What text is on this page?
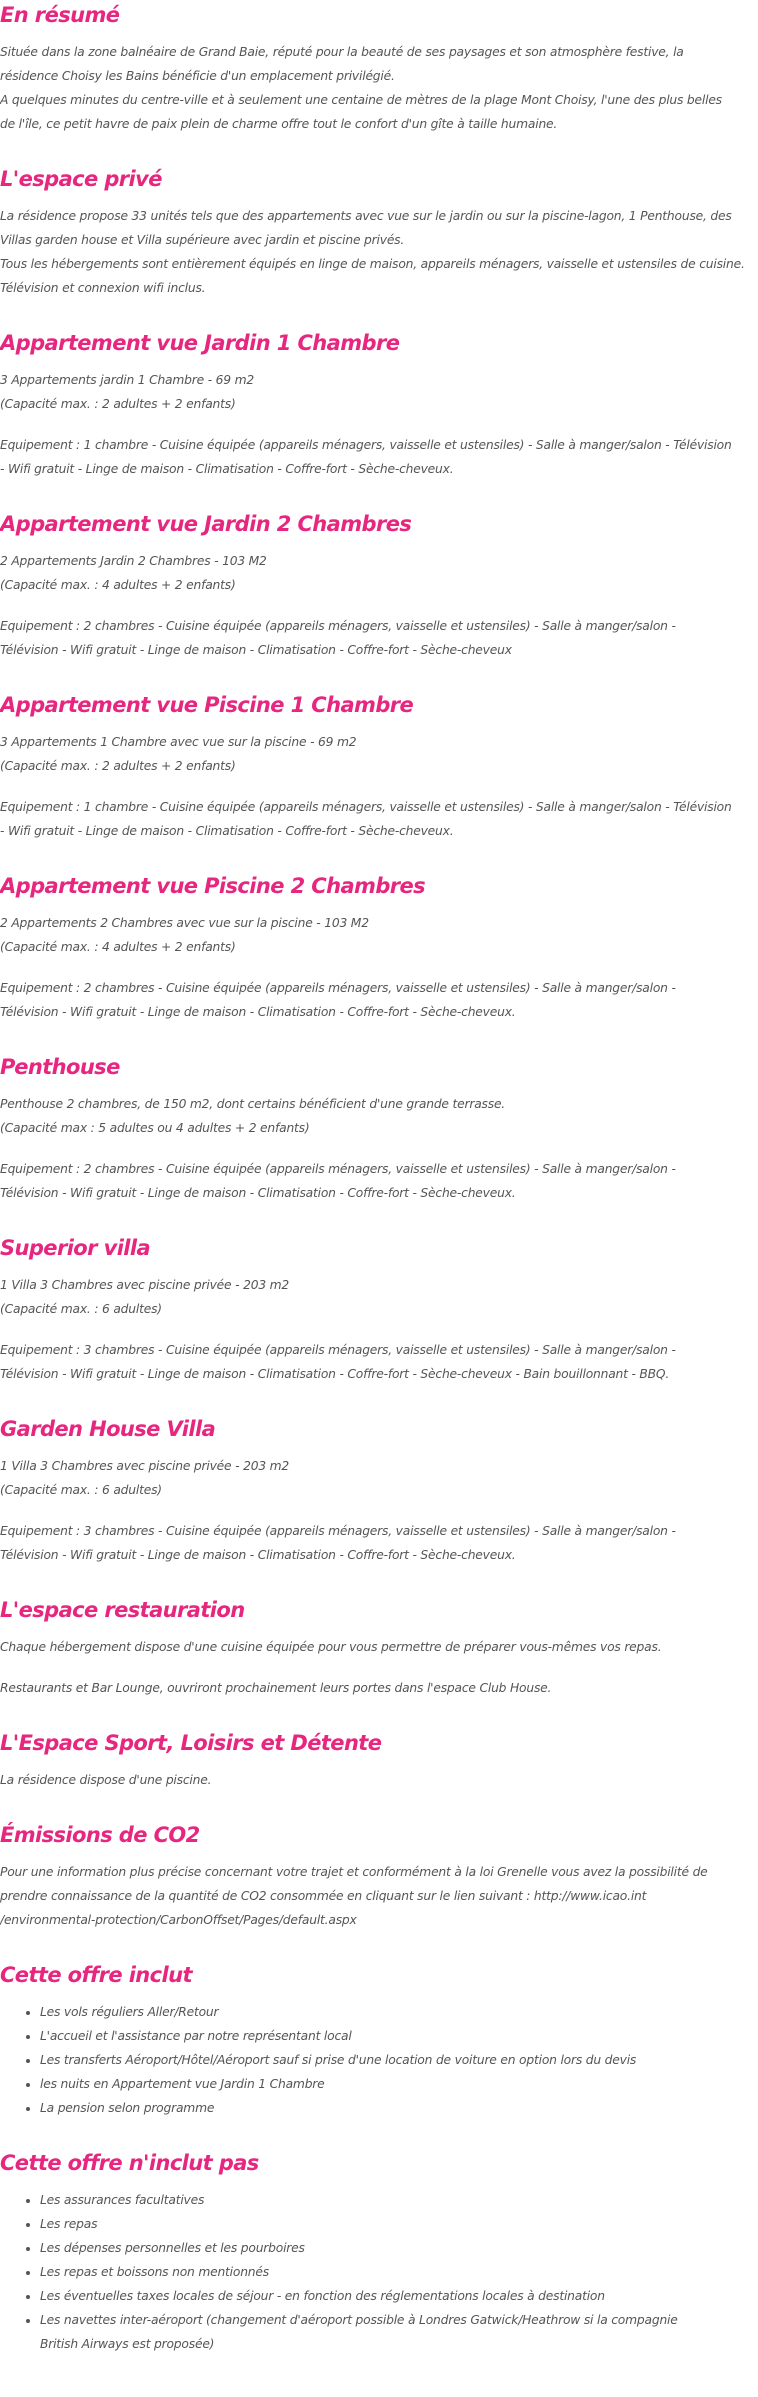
En résumé

Située dans la zone balnéaire de Grand Baie, réputé pour la beauté de ses paysages et son atmosphère festive, la

résidence Choisy les Bains bénéficie d'un emplacement privilégié.

A quelques minutes du centre-ville et à seulement une centaine de mètres de la plage Mont Choisy, l'une des plus belles

de l'île, ce petit havre de paix plein de charme offre tout le confort d'un gîte à taille humaine.

L'espace privé

La résidence propose 33 unités tels que des appartements avec vue sur le jardin ou sur la piscine-lagon, 1 Penthouse, des

Villas garden house et Villa supérieure avec jardin et piscine privés.

Tous les hébergements sont entièrement équipés en linge de maison, appareils ménagers, vaisselle et ustensiles de cuisine.

Télévision et connexion wifi inclus.

Appartement vue Jardin 1 Chambre

3 Appartements jardin 1 Chambre - 69 m2

(Capacité max. : 2 adultes + 2 enfants)

Equipement : 1 chambre - Cuisine équipée (appareils ménagers, vaisselle et ustensiles) - Salle à manger/salon - Télévision

- Wifi gratuit - Linge de maison - Climatisation - Coffre-fort - Sèche-cheveux.

Appartement vue Jardin 2 Chambres

2 Appartements Jardin 2 Chambres - 103 M2

(Capacité max. : 4 adultes + 2 enfants)

Equipement : 2 chambres - Cuisine équipée (appareils ménagers, vaisselle et ustensiles) - Salle à manger/salon -

Télévision - Wifi gratuit - Linge de maison - Climatisation - Coffre-fort - Sèche-cheveux

Appartement vue Piscine 1 Chambre

3 Appartements 1 Chambre avec vue sur la piscine - 69 m2

(Capacité max. : 2 adultes + 2 enfants)

Equipement : 1 chambre - Cuisine équipée (appareils ménagers, vaisselle et ustensiles) - Salle à manger/salon - Télévision

- Wifi gratuit - Linge de maison - Climatisation - Coffre-fort - Sèche-cheveux.

Appartement vue Piscine 2 Chambres

2 Appartements 2 Chambres avec vue sur la piscine - 103 M2

(Capacité max. : 4 adultes + 2 enfants)

Equipement : 2 chambres - Cuisine équipée (appareils ménagers, vaisselle et ustensiles) - Salle à manger/salon -

Télévision - Wifi gratuit - Linge de maison - Climatisation - Coffre-fort - Sèche-cheveux.

Penthouse

Penthouse 2 chambres, de 150 m2, dont certains bénéficient d'une grande terrasse.

(Capacité max : 5 adultes ou 4 adultes + 2 enfants)

Equipement : 2 chambres - Cuisine équipée (appareils ménagers, vaisselle et ustensiles) - Salle à manger/salon -

Télévision - Wifi gratuit - Linge de maison - Climatisation - Coffre-fort - Sèche-cheveux.

Superior villa

1 Villa 3 Chambres avec piscine privée - 203 m2

(Capacité max. : 6 adultes)

Equipement : 3 chambres - Cuisine équipée (appareils ménagers, vaisselle et ustensiles) - Salle à manger/salon -

Télévision - Wifi gratuit - Linge de maison - Climatisation - Coffre-fort - Sèche-cheveux - Bain bouillonnant - BBQ.

Garden House Villa

1 Villa 3 Chambres avec piscine privée - 203 m2

(Capacité max. : 6 adultes)

Equipement : 3 chambres - Cuisine équipée (appareils ménagers, vaisselle et ustensiles) - Salle à manger/salon -

Télévision - Wifi gratuit - Linge de maison - Climatisation - Coffre-fort - Sèche-cheveux.

L'espace restauration

Chaque hébergement dispose d'une cuisine équipée pour vous permettre de préparer vous-mêmes vos repas.

Restaurants et Bar Lounge, ouvriront prochainement leurs portes dans l'espace Club House.

L'Espace Sport, Loisirs et Détente

La résidence dispose d'une piscine.

Émissions de CO2

Pour une information plus précise concernant votre trajet et conformément à la loi Grenelle vous avez la possibilité de

prendre connaissance de la quantité de CO2 consommée en cliquant sur le lien suivant : http://www.icao.int

/environmental-protection/CarbonOffset/Pages/default.aspx

Cette offre inclut
• Les vols réguliers Aller/Retour
• L'accueil et l'assistance par notre représentant local
• Les transferts Aéroport/Hôtel/Aéroport sauf si prise d'une location de voiture en option lors du devis
• les nuits en Appartement vue Jardin 1 Chambre
• La pension selon programme
Cette offre n'inclut pas
• Les assurances facultatives
• Les repas
• Les dépenses personnelles et les pourboires
• Les repas et boissons non mentionnés
• Les éventuelles taxes locales de séjour - en fonction des réglementations locales à destination
• Les navettes inter-aéroport (changement d'aéroport possible à Londres Gatwick/Heathrow si la compagnie
British Airways est proposée)
